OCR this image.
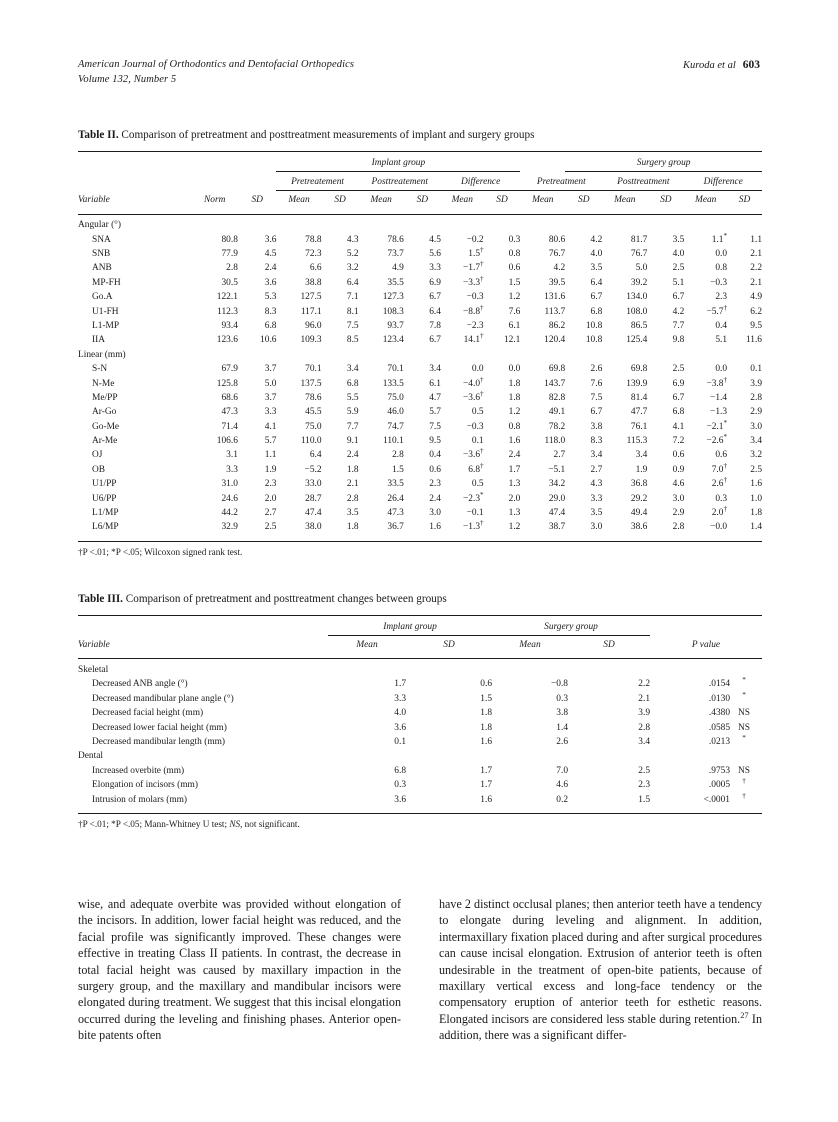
American Journal of Orthodontics and Dentofacial Orthopedics
Volume 132, Number 5
Kuroda et al 603
Table II. Comparison of pretreatment and posttreatment measurements of implant and surgery groups

			Implant group							Surgery group				
			Pretreatement		Posttreatement		Difference		Pretreatment		Posttreatment		Difference	
Variable	Norm	SD	Mean	SD	Mean	SD	Mean	SD	Mean	SD	Mean	SD	Mean	SD

Angular (°)														
SNA	80.8	3.6	78.8	4.3	78.6	4.5	−0.2	0.3	80.6	4.2	81.7	3.5	1.1*	1.1
SNB	77.9	4.5	72.3	5.2	73.7	5.6	1.5†	0.8	76.7	4.0	76.7	4.0	0.0	2.1
ANB	2.8	2.4	6.6	3.2	4.9	3.3	−1.7†	0.6	4.2	3.5	5.0	2.5	0.8	2.2
MP-FH	30.5	3.6	38.8	6.4	35.5	6.9	−3.3†	1.5	39.5	6.4	39.2	5.1	−0.3	2.1
Go.A	122.1	5.3	127.5	7.1	127.3	6.7	−0.3	1.2	131.6	6.7	134.0	6.7	2.3	4.9
U1-FH	112.3	8.3	117.1	8.1	108.3	6.4	−8.8†	7.6	113.7	6.8	108.0	4.2	−5.7†	6.2
L1-MP	93.4	6.8	96.0	7.5	93.7	7.8	−2.3	6.1	86.2	10.8	86.5	7.7	0.4	9.5
IIA	123.6	10.6	109.3	8.5	123.4	6.7	14.1†	12.1	120.4	10.8	125.4	9.8	5.1	11.6
Linear (mm)														
S-N	67.9	3.7	70.1	3.4	70.1	3.4	0.0	0.0	69.8	2.6	69.8	2.5	0.0	0.1
N-Me	125.8	5.0	137.5	6.8	133.5	6.1	−4.0†	1.8	143.7	7.6	139.9	6.9	−3.8†	3.9
Me/PP	68.6	3.7	78.6	5.5	75.0	4.7	−3.6†	1.8	82.8	7.5	81.4	6.7	−1.4	2.8
Ar-Go	47.3	3.3	45.5	5.9	46.0	5.7	0.5	1.2	49.1	6.7	47.7	6.8	−1.3	2.9
Go-Me	71.4	4.1	75.0	7.7	74.7	7.5	−0.3	0.8	78.2	3.8	76.1	4.1	−2.1*	3.0
Ar-Me	106.6	5.7	110.0	9.1	110.1	9.5	0.1	1.6	118.0	8.3	115.3	7.2	−2.6*	3.4
OJ	3.1	1.1	6.4	2.4	2.8	0.4	−3.6†	2.4	2.7	3.4	3.4	0.6	0.6	3.2
OB	3.3	1.9	−5.2	1.8	1.5	0.6	6.8†	1.7	−5.1	2.7	1.9	0.9	7.0†	2.5
U1/PP	31.0	2.3	33.0	2.1	33.5	2.3	0.5	1.3	34.2	4.3	36.8	4.6	2.6†	1.6
U6/PP	24.6	2.0	28.7	2.8	26.4	2.4	−2.3*	2.0	29.0	3.3	29.2	3.0	0.3	1.0
L1/MP	44.2	2.7	47.4	3.5	47.3	3.0	−0.1	1.3	47.4	3.5	49.4	2.9	2.0†	1.8
L6/MP	32.9	2.5	38.0	1.8	36.7	1.6	−1.3†	1.2	38.7	3.0	38.6	2.8	−0.0	1.4

†P <.01; *P <.05; Wilcoxon signed rank test.
Table III. Comparison of pretreatment and posttreatment changes between groups

	Implant group		Surgery group			
Variable	Mean	SD	Mean	SD	P value	

Skeletal						
Decreased ANB angle (°)	1.7	0.6	−0.8	2.2	.0154	*
Decreased mandibular plane angle (°)	3.3	1.5	0.3	2.1	.0130	*
Decreased facial height (mm)	4.0	1.8	3.8	3.9	.4380	NS
Decreased lower facial height (mm)	3.6	1.8	1.4	2.8	.0585	NS
Decreased mandibular length (mm)	0.1	1.6	2.6	3.4	.0213	*
Dental						
Increased overbite (mm)	6.8	1.7	7.0	2.5	.9753	NS
Elongation of incisors (mm)	0.3	1.7	4.6	2.3	.0005	†
Intrusion of molars (mm)	3.6	1.6	0.2	1.5	<.0001	†

†P <.01; *P <.05; Mann-Whitney U test; NS, not significant.

wise, and adequate overbite was provided without elongation of the incisors. In addition, lower facial height was reduced, and the facial profile was significantly improved. These changes were effective in treating Class II patients. In contrast, the decrease in total facial height was caused by maxillary impaction in the surgery group, and the maxillary and mandibular incisors were elongated during treatment. We suggest that this incisal elongation occurred during the leveling and finishing phases. Anterior open-bite patents often

have 2 distinct occlusal planes; then anterior teeth have a tendency to elongate during leveling and alignment. In addition, intermaxillary fixation placed during and after surgical procedures can cause incisal elongation. Extrusion of anterior teeth is often undesirable in the treatment of open-bite patients, because of maxillary vertical excess and long-face tendency or the compensatory eruption of anterior teeth for esthetic reasons. Elongated incisors are considered less stable during retention.$^{27}$ In addition, there was a significant differ-
